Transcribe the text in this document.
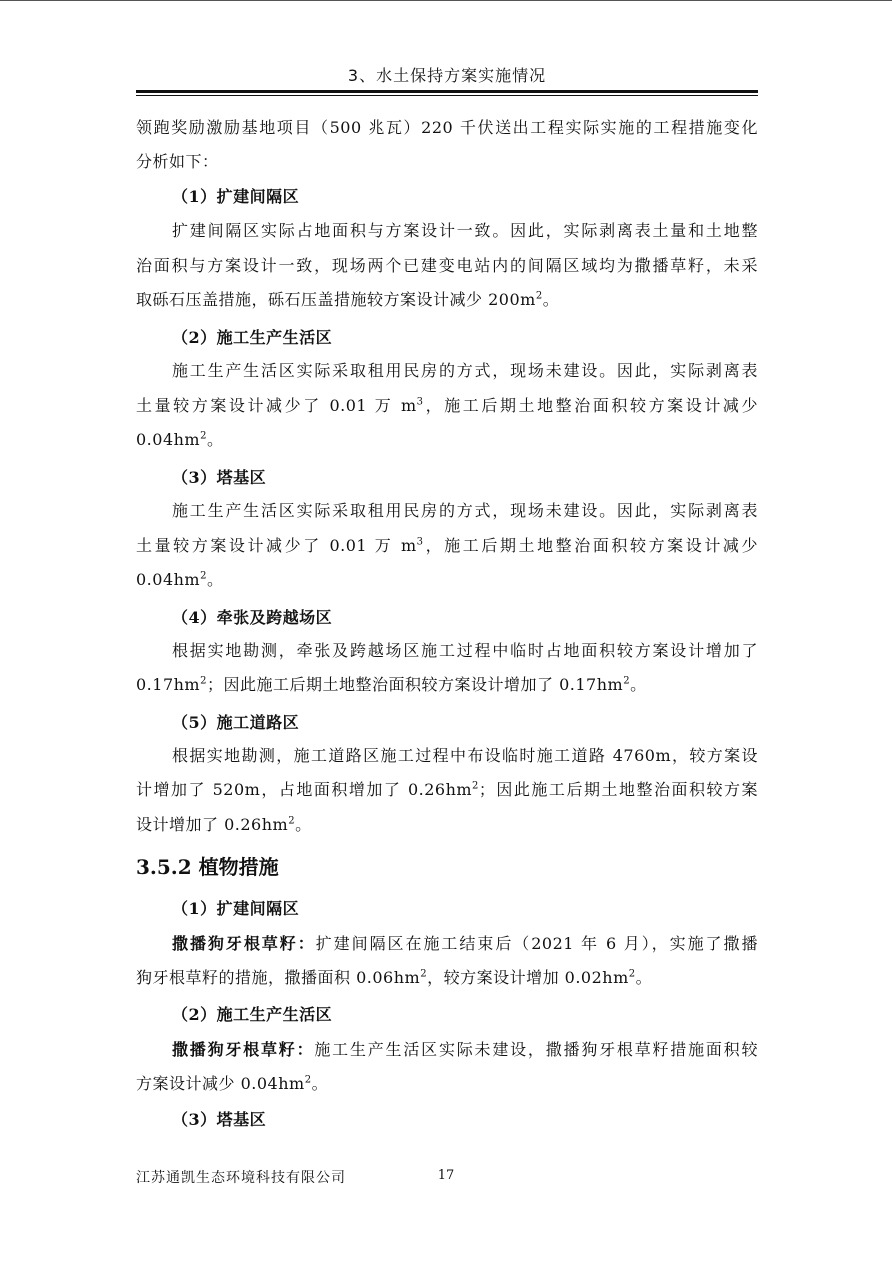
3、水土保持方案实施情况
领跑奖励激励基地项目（500 兆瓦）220 千伏送出工程实际实施的工程措施变化
分析如下：
（1）扩建间隔区
扩建间隔区实际占地面积与方案设计一致。因此，实际剥离表土量和土地整
治面积与方案设计一致，现场两个已建变电站内的间隔区域均为撒播草籽，未采
取砾石压盖措施，砾石压盖措施较方案设计减少 $200m^2$。
（2）施工生产生活区
施工生产生活区实际采取租用民房的方式，现场未建设。因此，实际剥离表
土量较方案设计减少了 0.01 万 $m^3$，施工后期土地整治面积较方案设计减少
$0.04hm^2$。
（3）塔基区
施工生产生活区实际采取租用民房的方式，现场未建设。因此，实际剥离表
土量较方案设计减少了 0.01 万 $m^3$，施工后期土地整治面积较方案设计减少
$0.04hm^2$。
（4）牵张及跨越场区
根据实地勘测，牵张及跨越场区施工过程中临时占地面积较方案设计增加了
$0.17hm^2$；因此施工后期土地整治面积较方案设计增加了 $0.17hm^2$。
（5）施工道路区
根据实地勘测，施工道路区施工过程中布设临时施工道路 4760m，较方案设
计增加了 520m，占地面积增加了 $0.26hm^2$；因此施工后期土地整治面积较方案
设计增加了 $0.26hm^2$。
3.5.2 植物措施
（1）扩建间隔区
撒播狗牙根草籽：扩建间隔区在施工结束后（2021 年 6 月），实施了撒播
狗牙根草籽的措施，撒播面积 $0.06hm^2$，较方案设计增加 $0.02hm^2$。
（2）施工生产生活区
撒播狗牙根草籽：施工生产生活区实际未建设，撒播狗牙根草籽措施面积较
方案设计减少 $0.04hm^2$。
（3）塔基区
江苏通凯生态环境科技有限公司	17
